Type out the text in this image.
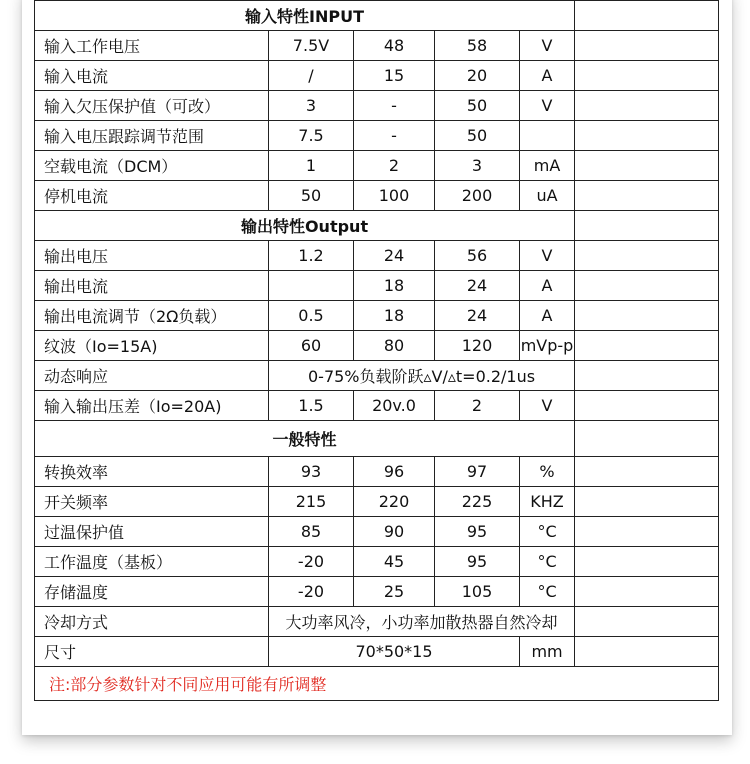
输入特性INPUT					
输入工作电压	7.5V	48	58	V	
输入电流	/	15	20	A	
输入欠压保护值（可改）	3	-	50	V	
输入电压跟踪调节范围	7.5	-	50		
空载电流（DCM）	1	2	3	mA	
停机电流	50	100	200	uA	
输出特性Output					
输出电压	1.2	24	56	V	
输出电流		18	24	A	
输出电流调节（2Ω负载）	0.5	18	24	A	
纹波（Io=15A)	60	80	120	mVp-p	
动态响应	0-75%负载阶跃▵V/▵t=0.2/1us				
输入输出压差（Io=20A)	1.5	20v.0	2	V	
一般特性					
转换效率	93	96	97	%	
开关频率	215	220	225	KHZ	
过温保护值	85	90	95	°C	
工作温度（基板）	-20	45	95	°C	
存储温度	-20	25	105	°C	
冷却方式	大功率风冷，小功率加散热器自然冷却				
尺寸	70*50*15			mm	
注:部分参数针对不同应用可能有所调整					
